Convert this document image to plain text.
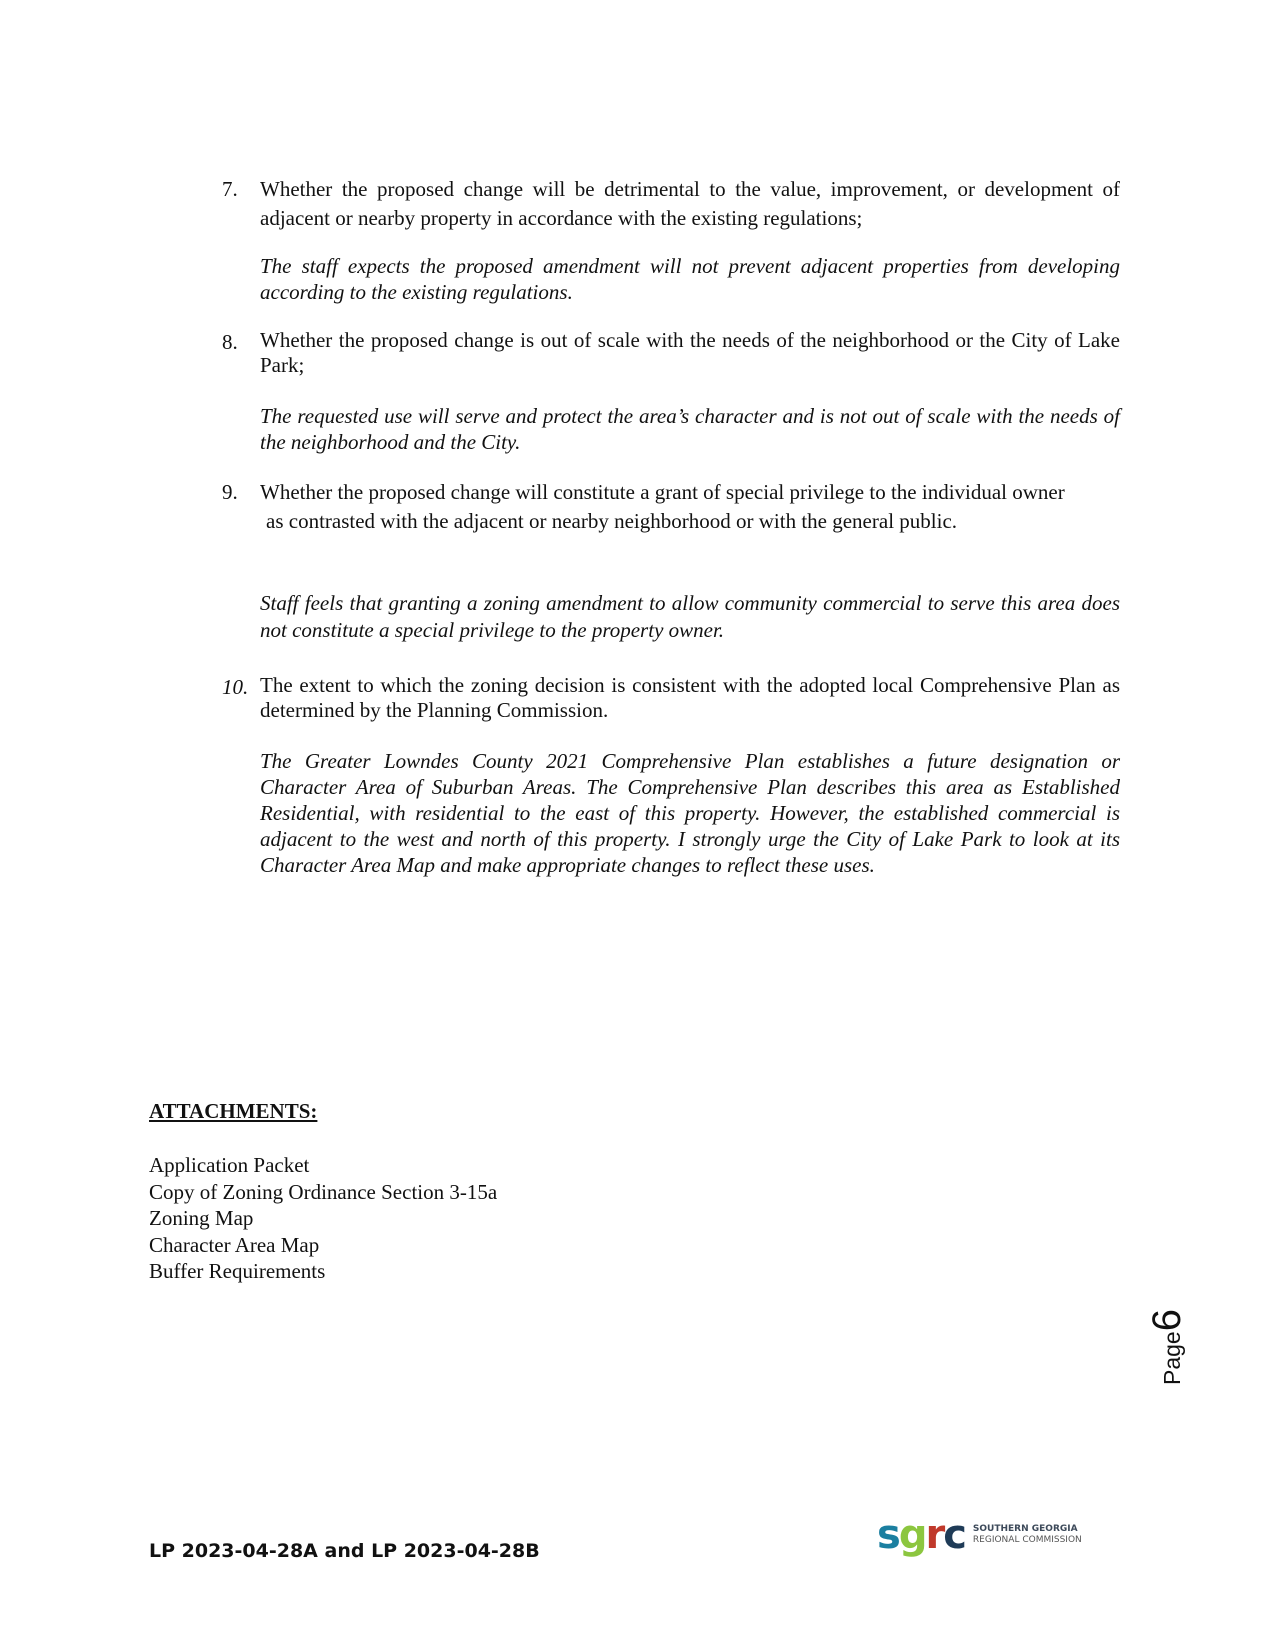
7. Whether the proposed change will be detrimental to the value, improvement, or development of adjacent or nearby property in accordance with the existing regulations;
The staff expects the proposed amendment will not prevent adjacent properties from developing according to the existing regulations.
8. Whether the proposed change is out of scale with the needs of the neighborhood or the City of Lake Park;
The requested use will serve and protect the area’s character and is not out of scale with the needs of the neighborhood and the City.
9. Whether the proposed change will constitute a grant of special privilege to the individual owner
as contrasted with the adjacent or nearby neighborhood or with the general public.
Staff feels that granting a zoning amendment to allow community commercial to serve this area does not constitute a special privilege to the property owner.
10. The extent to which the zoning decision is consistent with the adopted local Comprehensive Plan as determined by the Planning Commission.
The Greater Lowndes County 2021 Comprehensive Plan establishes a future designation or Character Area of Suburban Areas. The Comprehensive Plan describes this area as Established Residential, with residential to the east of this property. However, the established commercial is adjacent to the west and north of this property. I strongly urge the City of Lake Park to look at its Character Area Map and make appropriate changes to reflect these uses.
ATTACHMENTS:
Application Packet
Copy of Zoning Ordinance Section 3-15a
Zoning Map
Character Area Map
Buffer Requirements
Page6
LP 2023-04-28A and LP 2023-04-28B	sgrc SOUTHERN GEORGIA
REGIONAL COMMISSION
